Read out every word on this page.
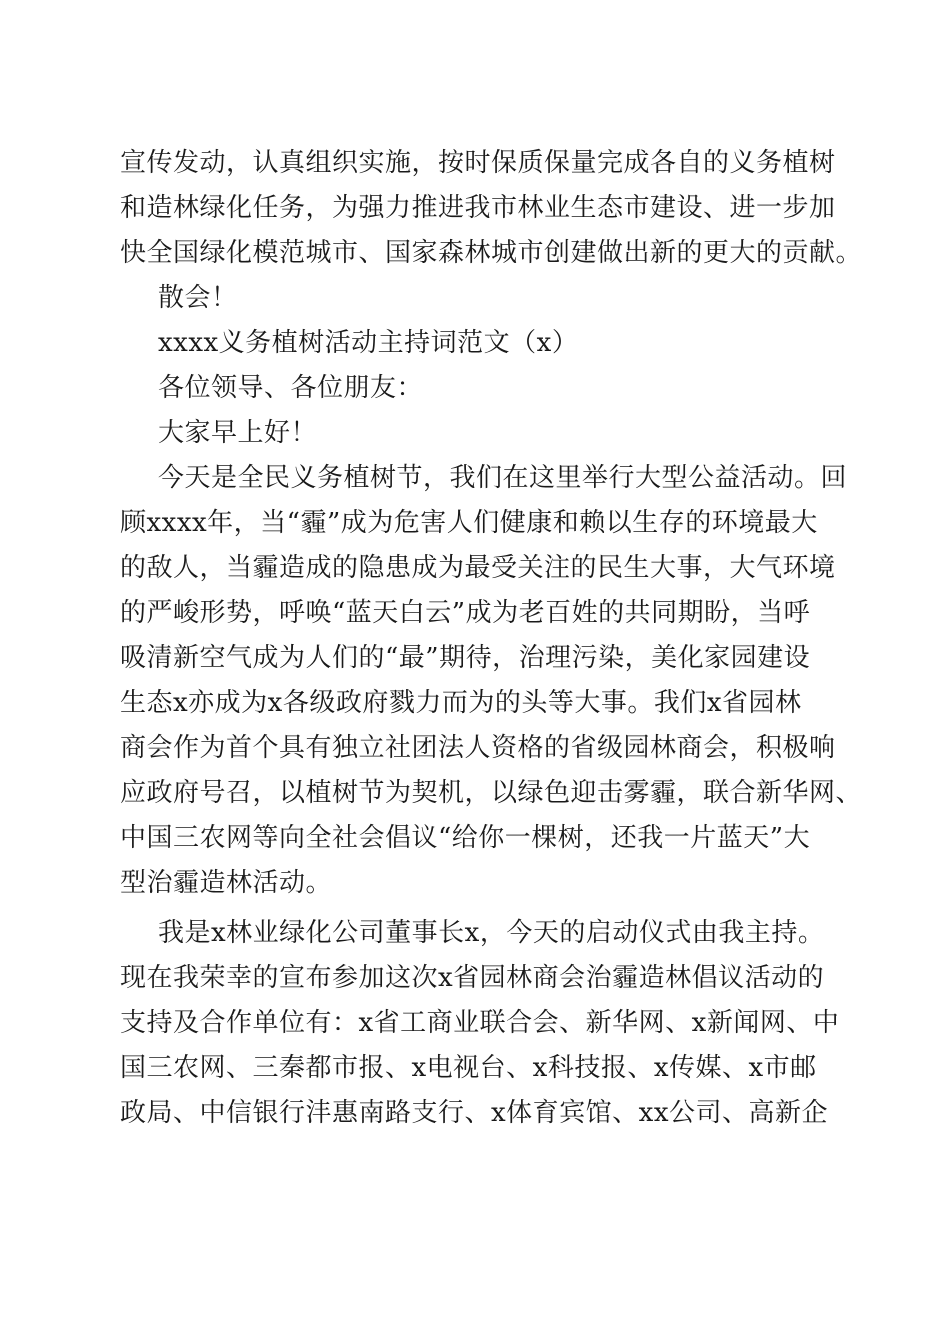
宣传发动，认真组织实施，按时保质保量完成各自的义务植树
和造林绿化任务，为强力推进我市林业生态市建设、进一步加
快全国绿化模范城市、国家森林城市创建做出新的更大的贡献。
散会！
xxxx义务植树活动主持词范文（x）
各位领导、各位朋友：
大家早上好！
今天是全民义务植树节，我们在这里举行大型公益活动。回
顾xxxx年，当“霾”成为危害人们健康和赖以生存的环境最大
的敌人，当霾造成的隐患成为最受关注的民生大事，大气环境
的严峻形势，呼唤“蓝天白云”成为老百姓的共同期盼，当呼
吸清新空气成为人们的“最”期待，治理污染，美化家园建设
生态x亦成为x各级政府戮力而为的头等大事。我们x省园林
商会作为首个具有独立社团法人资格的省级园林商会，积极响
应政府号召，以植树节为契机，以绿色迎击雾霾，联合新华网、
中国三农网等向全社会倡议“给你一棵树，还我一片蓝天”大
型治霾造林活动。
我是x林业绿化公司董事长x，今天的启动仪式由我主持。
现在我荣幸的宣布参加这次x省园林商会治霾造林倡议活动的
支持及合作单位有：x省工商业联合会、新华网、x新闻网、中
国三农网、三秦都市报、x电视台、x科技报、x传媒、x市邮
政局、中信银行沣惠南路支行、x体育宾馆、xx公司、高新企
